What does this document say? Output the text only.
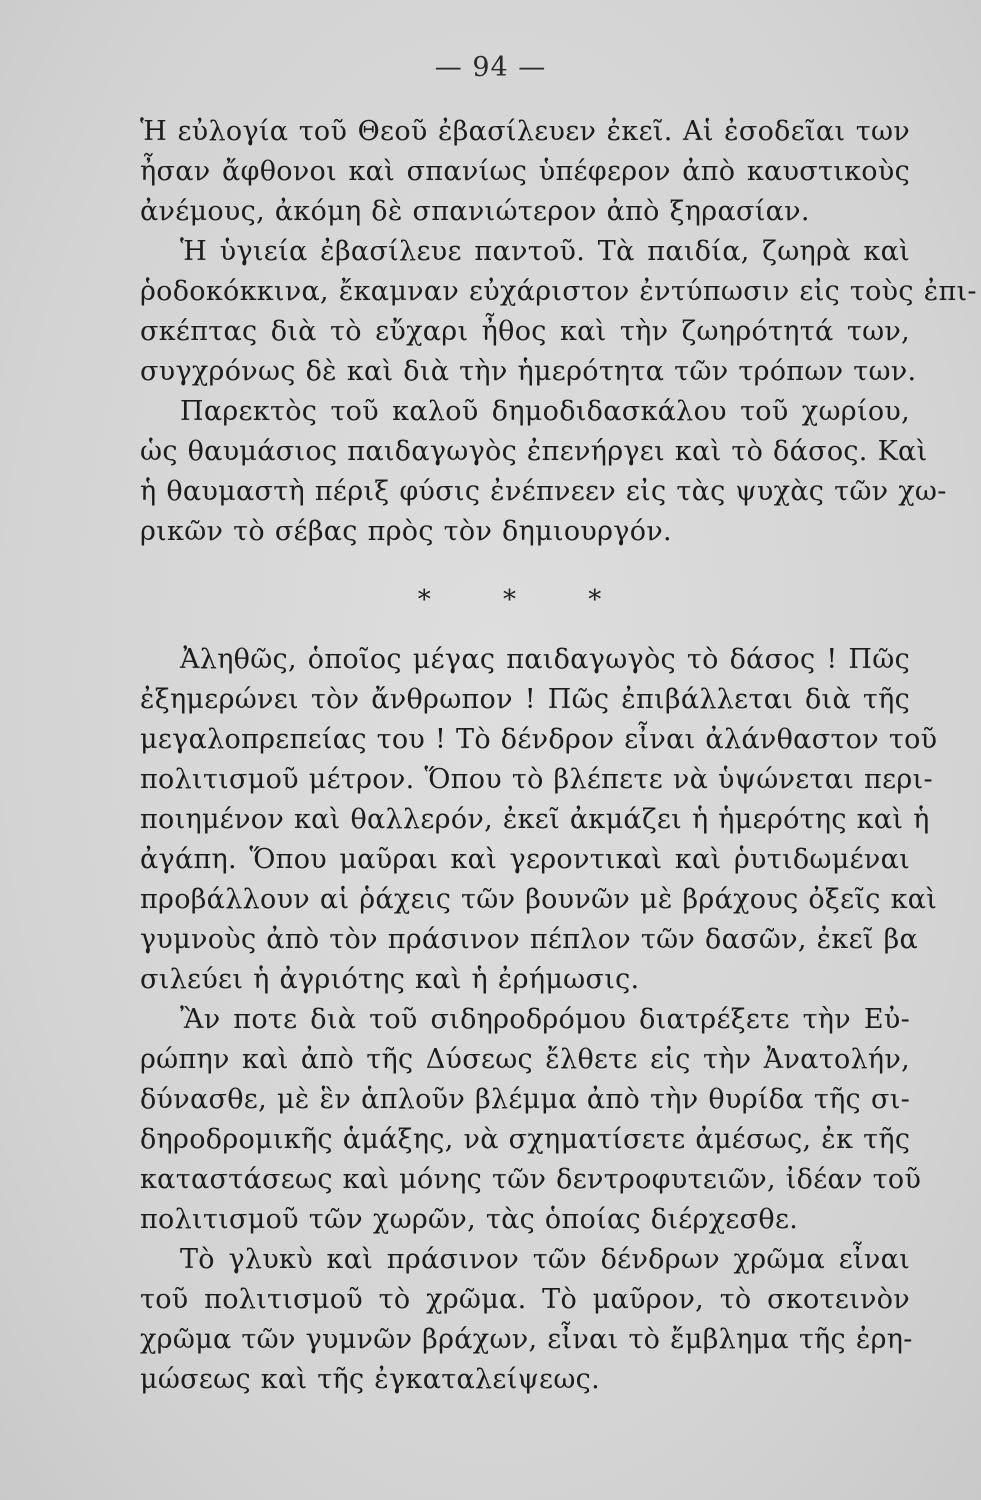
— 94 —
Ἡ εὐλογία τοῦ Θεοῦ ἐβασίλευεν ἐκεῖ. Αἱ ἐσοδεῖαι των
ἦσαν ἄφθονοι καὶ σπανίως ὑπέφερον ἀπὸ καυστικοὺς
ἀνέμους, ἀκόμη δὲ σπανιώτερον ἀπὸ ξηρασίαν.
Ἡ ὑγιεία ἐβασίλευε παντοῦ. Τὰ παιδία, ζωηρὰ καὶ
ῥοδοκόκκινα, ἔκαμναν εὐχάριστον ἐντύπωσιν εἰς τοὺς ἐπι-
σκέπτας διὰ τὸ εὔχαρι ἦθος καὶ τὴν ζωηρότητά των,
συγχρόνως δὲ καὶ διὰ τὴν ἡμερότητα τῶν τρόπων των.
Παρεκτὸς τοῦ καλοῦ δημοδιδασκάλου τοῦ χωρίου,
ὡς θαυμάσιος παιδαγωγὸς ἐπενήργει καὶ τὸ δάσος. Καὶ
ἡ θαυμαστὴ πέριξ φύσις ἐνέπνεεν εἰς τὰς ψυχὰς τῶν χω-
ρικῶν τὸ σέβας πρὸς τὸν δημιουργόν.
* * *
Ἀληθῶς, ὁποῖος μέγας παιδαγωγὸς τὸ δάσος ! Πῶς
ἐξημερώνει τὸν ἄνθρωπον ! Πῶς ἐπιβάλλεται διὰ τῆς
μεγαλοπρεπείας του ! Τὸ δένδρον εἶναι ἀλάνθαστον τοῦ
πολιτισμοῦ μέτρον. Ὅπου τὸ βλέπετε νὰ ὑψώνεται περι-
ποιημένον καὶ θαλλερόν, ἐκεῖ ἀκμάζει ἡ ἡμερότης καὶ ἡ
ἀγάπη. Ὅπου μαῦραι καὶ γεροντικαὶ καὶ ῥυτιδωμέναι
προβάλλουν αἱ ῥάχεις τῶν βουνῶν μὲ βράχους ὀξεῖς καὶ
γυμνοὺς ἀπὸ τὸν πράσινον πέπλον τῶν δασῶν, ἐκεῖ βα
σιλεύει ἡ ἀγριότης καὶ ἡ ἐρήμωσις.
Ἂν ποτε διὰ τοῦ σιδηροδρόμου διατρέξετε τὴν Εὐ-
ρώπην καὶ ἀπὸ τῆς Δύσεως ἔλθετε εἰς τὴν Ἀνατολήν,
δύνασθε, μὲ ἓν ἁπλοῦν βλέμμα ἀπὸ τὴν θυρίδα τῆς σι-
δηροδρομικῆς ἁμάξης, νὰ σχηματίσετε ἀμέσως, ἐκ τῆς
καταστάσεως καὶ μόνης τῶν δεντροφυτειῶν, ἰδέαν τοῦ
πολιτισμοῦ τῶν χωρῶν, τὰς ὁποίας διέρχεσθε.
Τὸ γλυκὺ καὶ πράσινον τῶν δένδρων χρῶμα εἶναι
τοῦ πολιτισμοῦ τὸ χρῶμα. Τὸ μαῦρον, τὸ σκοτεινὸν
χρῶμα τῶν γυμνῶν βράχων, εἶναι τὸ ἔμβλημα τῆς ἐρη-
μώσεως καὶ τῆς ἐγκαταλείψεως.
